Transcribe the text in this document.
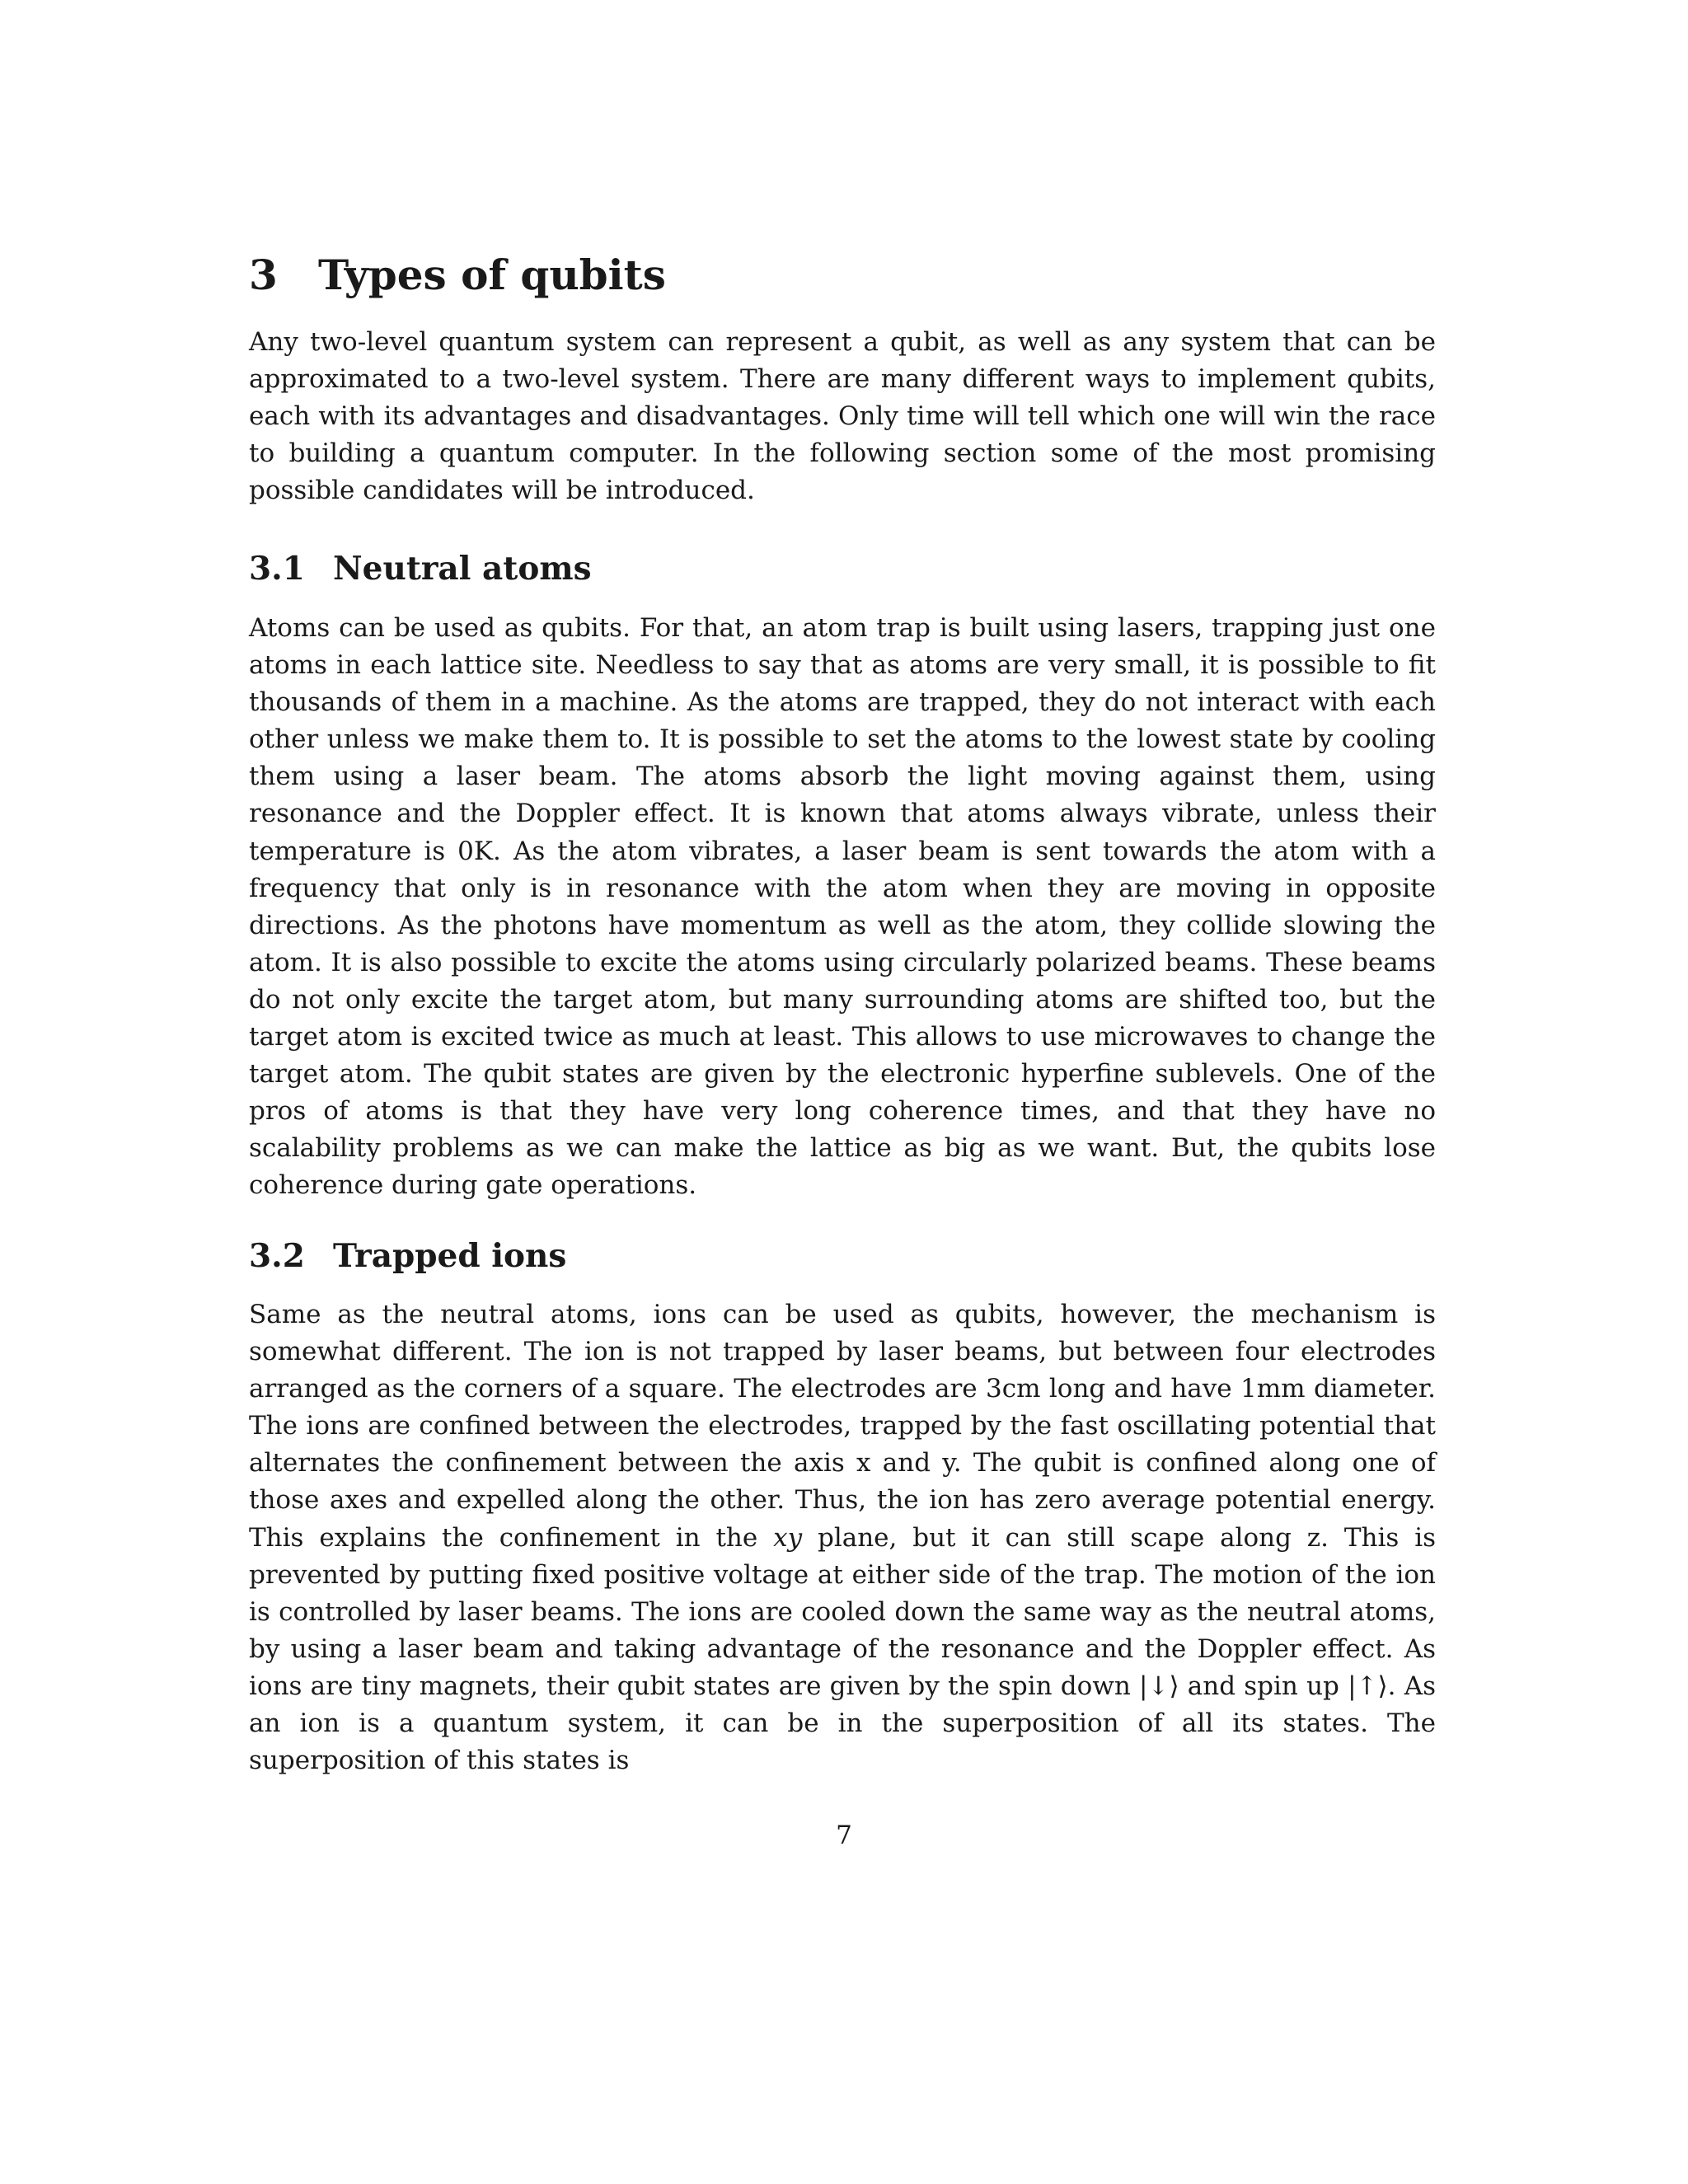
3 Types of qubits

Any two-level quantum system can represent a qubit, as well as any system that can be approximated to a two-level system. There are many different ways to implement qubits, each with its advantages and disadvantages. Only time will tell which one will win the race to building a quantum computer. In the following section some of the most promising possible candidates will be introduced.

3.1 Neutral atoms

Atoms can be used as qubits. For that, an atom trap is built using lasers, trapping just one atoms in each lattice site. Needless to say that as atoms are very small, it is possible to fit thousands of them in a machine. As the atoms are trapped, they do not interact with each other unless we make them to. It is possible to set the atoms to the lowest state by cooling them using a laser beam. The atoms absorb the light moving against them, using resonance and the Doppler effect. It is known that atoms always vibrate, unless their temperature is 0K. As the atom vibrates, a laser beam is sent towards the atom with a frequency that only is in resonance with the atom when they are moving in opposite directions. As the photons have momentum as well as the atom, they collide slowing the atom. It is also possible to excite the atoms using circularly polarized beams. These beams do not only excite the target atom, but many surrounding atoms are shifted too, but the target atom is excited twice as much at least. This allows to use microwaves to change the target atom. The qubit states are given by the electronic hyperfine sublevels. One of the pros of atoms is that they have very long coherence times, and that they have no scalability problems as we can make the lattice as big as we want. But, the qubits lose coherence during gate operations.

3.2 Trapped ions

Same as the neutral atoms, ions can be used as qubits, however, the mechanism is somewhat different. The ion is not trapped by laser beams, but between four electrodes arranged as the corners of a square. The electrodes are 3cm long and have 1mm diameter. The ions are confined between the electrodes, trapped by the fast oscillating potential that alternates the confinement between the axis x and y. The qubit is confined along one of those axes and expelled along the other. Thus, the ion has zero average potential energy. This explains the confinement in the xy plane, but it can still scape along z. This is prevented by putting fixed positive voltage at either side of the trap. The motion of the ion is controlled by laser beams. The ions are cooled down the same way as the neutral atoms, by using a laser beam and taking advantage of the resonance and the Doppler effect. As ions are tiny magnets, their qubit states are given by the spin down |↓⟩ and spin up |↑⟩. As an ion is a quantum system, it can be in the superposition of all its states. The superposition of this states is

7
